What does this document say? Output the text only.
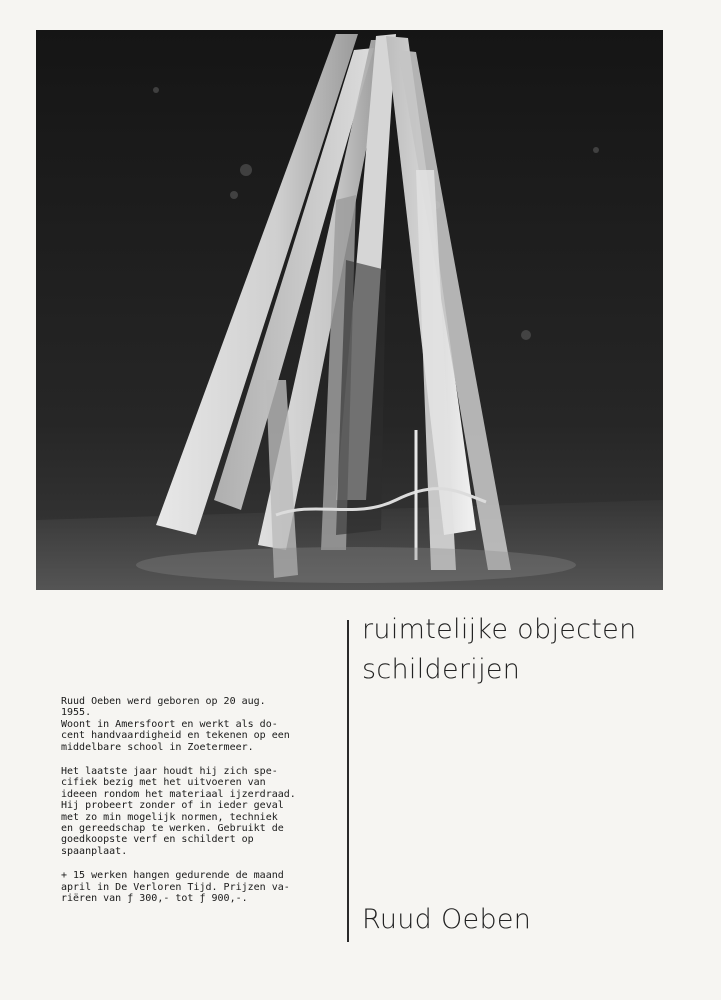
ruimtelijke objecten
schilderijen

Ruud Oeben werd geboren op 20 aug.
1955.
Woont in Amersfoort en werkt als do-
cent handvaardigheid en tekenen op een
middelbare school in Zoetermeer.

Het laatste jaar houdt hij zich spe-
cifiek bezig met het uitvoeren van
ideeen rondom het materiaal ijzerdraad.
Hij probeert zonder of in ieder geval
met zo min mogelijk normen, techniek
en gereedschap te werken. Gebruikt de
goedkoopste verf en schildert op
spaanplaat.

+ 15 werken hangen gedurende de maand
april in De Verloren Tijd. Prijzen va-
riëren van ƒ 300,- tot ƒ 900,-.

Ruud Oeben
